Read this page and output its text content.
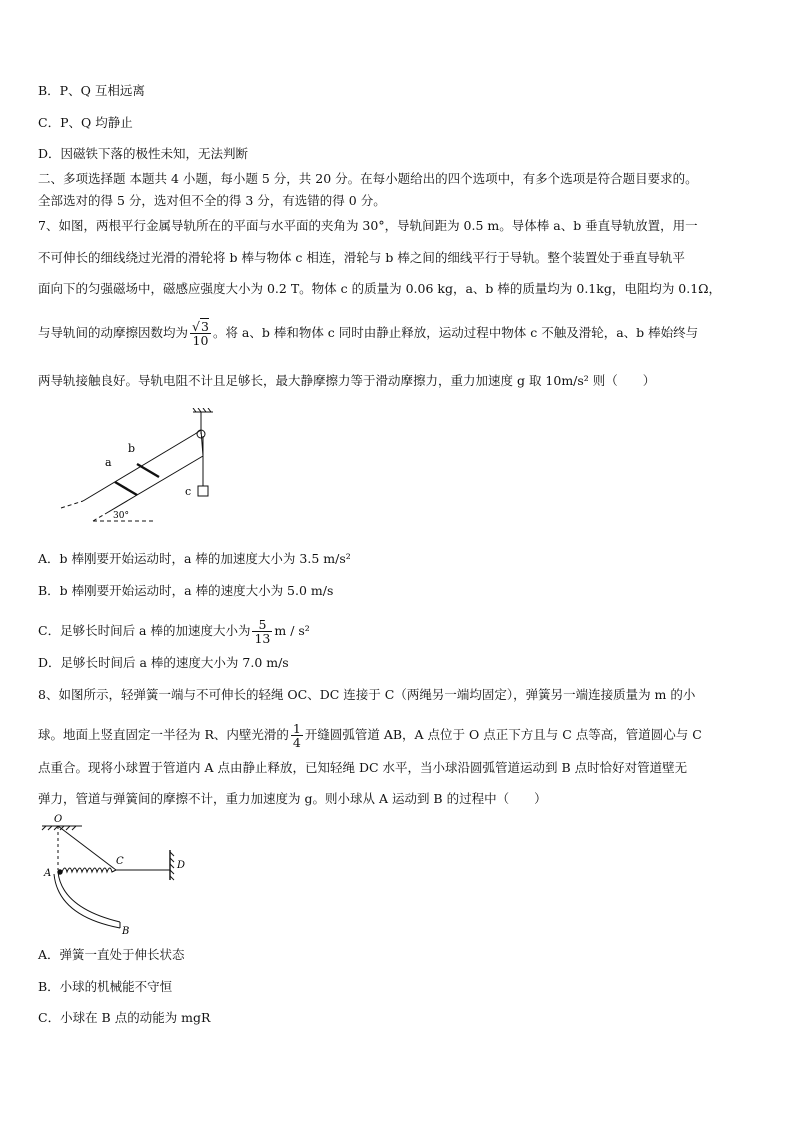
B．P、Q 互相远离
C．P、Q 均静止
D．因磁铁下落的极性未知，无法判断
二、多项选择题 本题共 4 小题，每小题 5 分，共 20 分。在每小题给出的四个选项中，有多个选项是符合题目要求的。
全部选对的得 5 分，选对但不全的得 3 分，有选错的得 0 分。
7、如图，两根平行金属导轨所在的平面与水平面的夹角为 30°，导轨间距为 0.5 m。导体棒 a、b 垂直导轨放置，用一
不可伸长的细线绕过光滑的滑轮将 b 棒与物体 c 相连，滑轮与 b 棒之间的细线平行于导轨。整个装置处于垂直导轨平
面向下的匀强磁场中，磁感应强度大小为 0.2 T。物体 c 的质量为 0.06 kg，a、b 棒的质量均为 0.1kg，电阻均为 0.1Ω，
与导轨间的动摩擦因数均为 $\frac{√3}{10}$ 。将 a、b 棒和物体 c 同时由静止释放，运动过程中物体 c 不触及滑轮，a、b 棒始终与
两导轨接触良好。导轨电阻不计且足够长，最大静摩擦力等于滑动摩擦力，重力加速度 g 取 10m/s² 则（　　）
a
b
c
30°
A．b 棒刚要开始运动时，a 棒的加速度大小为 3.5 m/s²
B．b 棒刚要开始运动时，a 棒的速度大小为 5.0 m/s
C．足够长时间后 a 棒的加速度大小为 $\frac{5}{13}$ m / s²
D．足够长时间后 a 棒的速度大小为 7.0 m/s
8、如图所示，轻弹簧一端与不可伸长的轻绳 OC、DC 连接于 C（两绳另一端均固定），弹簧另一端连接质量为 m 的小
球。地面上竖直固定一半径为 R、内壁光滑的 $\frac{1}{4}$ 开缝圆弧管道 AB，A 点位于 O 点正下方且与 C 点等高，管道圆心与 C
点重合。现将小球置于管道内 A 点由静止释放，已知轻绳 DC 水平，当小球沿圆弧管道运动到 B 点时恰好对管道壁无
弹力，管道与弹簧间的摩擦不计，重力加速度为 g。则小球从 A 运动到 B 的过程中（　　）
O
A
C	D
B
A．弹簧一直处于伸长状态
B．小球的机械能不守恒
C．小球在 B 点的动能为 mgR
